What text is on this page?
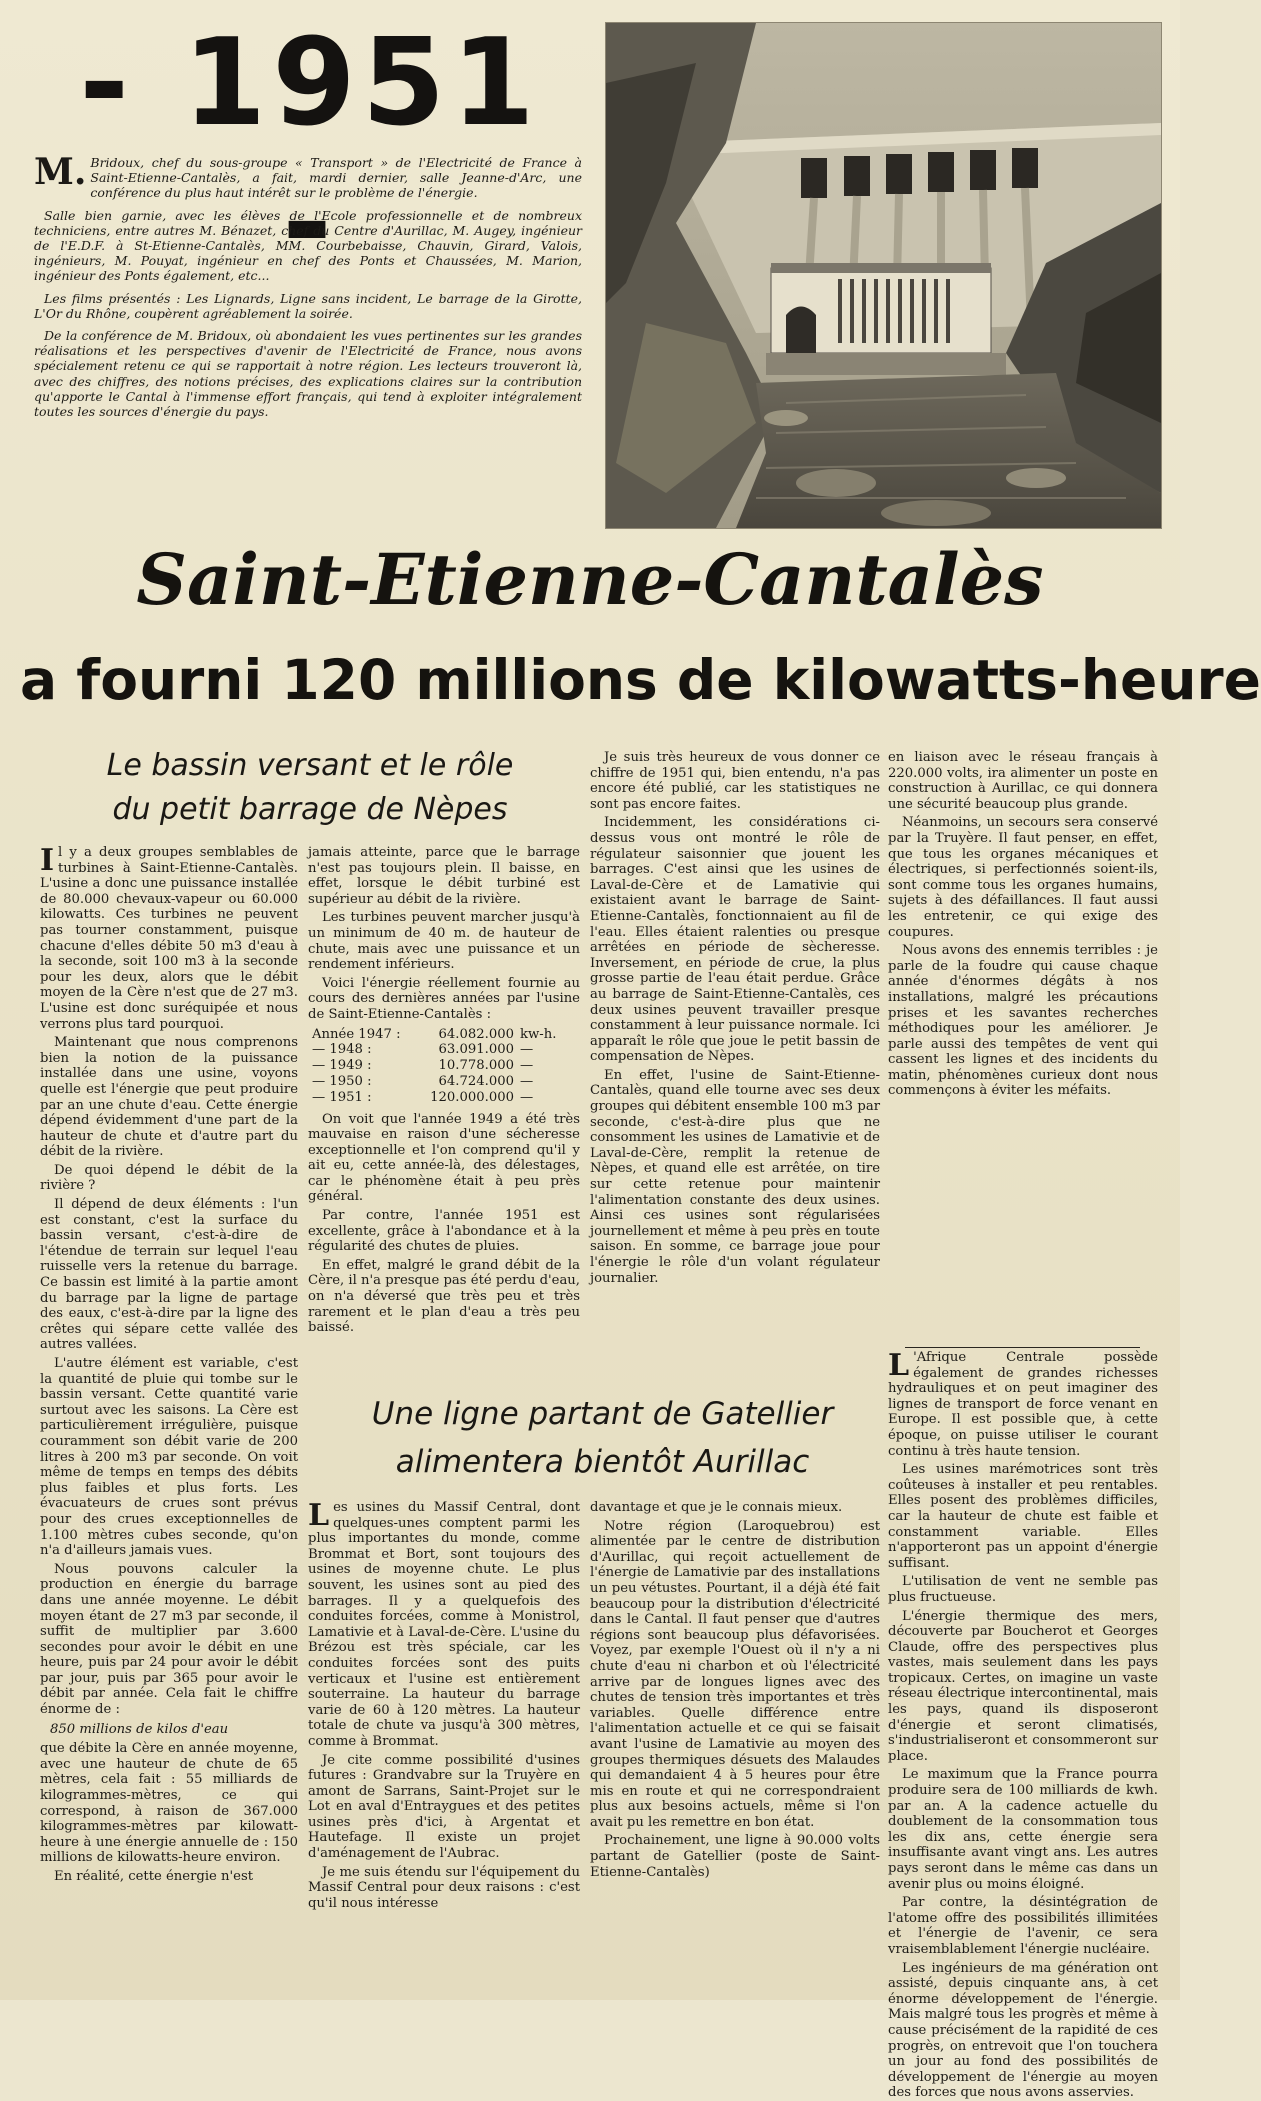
- 1951 -

M. Bridoux, chef du sous-groupe « Transport » de l'Electricité de France à Saint-Etienne-Cantalès, a fait, mardi dernier, salle Jeanne-d'Arc, une conférence du plus haut intérêt sur le problème de l'énergie.

Salle bien garnie, avec les élèves de l'Ecole professionnelle et de nombreux techniciens, entre autres M. Bénazet, chef du Centre d'Aurillac, M. Augey, ingénieur de l'E.D.F. à St-Etienne-Cantalès, MM. Courbebaisse, Chauvin, Girard, Valois, ingénieurs, M. Pouyat, ingénieur en chef des Ponts et Chaussées, M. Marion, ingénieur des Ponts également, etc...

Les films présentés : Les Lignards, Ligne sans incident, Le barrage de la Girotte, L'Or du Rhône, coupèrent agréablement la soirée.

De la conférence de M. Bridoux, où abondaient les vues pertinentes sur les grandes réalisations et les perspectives d'avenir de l'Electricité de France, nous avons spécialement retenu ce qui se rapportait à notre région. Les lecteurs trouveront là, avec des chiffres, des notions précises, des explications claires sur la contribution qu'apporte le Cantal à l'immense effort français, qui tend à exploiter intégralement toutes les sources d'énergie du pays.

Saint-Etienne-Cantalès
a fourni 120 millions de kilowatts-heure
Le bassin versant et le rôle
du petit barrage de Nèpes

Il y a deux groupes semblables de turbines à Saint-Etienne-Cantalès. L'usine a donc une puissance installée de 80.000 chevaux-vapeur ou 60.000 kilowatts. Ces turbines ne peuvent pas tourner constamment, puisque chacune d'elles débite 50 m3 d'eau à la seconde, soit 100 m3 à la seconde pour les deux, alors que le débit moyen de la Cère n'est que de 27 m3. L'usine est donc suréquipée et nous verrons plus tard pourquoi.

Maintenant que nous comprenons bien la notion de la puissance installée dans une usine, voyons quelle est l'énergie que peut produire par an une chute d'eau. Cette énergie dépend évidemment d'une part de la hauteur de chute et d'autre part du débit de la rivière.

De quoi dépend le débit de la rivière ?

Il dépend de deux éléments : l'un est constant, c'est la surface du bassin versant, c'est-à-dire de l'étendue de terrain sur lequel l'eau ruisselle vers la retenue du barrage. Ce bassin est limité à la partie amont du barrage par la ligne de partage des eaux, c'est-à-dire par la ligne des crêtes qui sépare cette vallée des autres vallées.

L'autre élément est variable, c'est la quantité de pluie qui tombe sur le bassin versant. Cette quantité varie surtout avec les saisons. La Cère est particulièrement irrégulière, puisque couramment son débit varie de 200 litres à 200 m3 par seconde. On voit même de temps en temps des débits plus faibles et plus forts. Les évacuateurs de crues sont prévus pour des crues exceptionnelles de 1.100 mètres cubes seconde, qu'on n'a d'ailleurs jamais vues.

Nous pouvons calculer la production en énergie du barrage dans une année moyenne. Le débit moyen étant de 27 m3 par seconde, il suffit de multiplier par 3.600 secondes pour avoir le débit en une heure, puis par 24 pour avoir le débit par jour, puis par 365 pour avoir le débit par année. Cela fait le chiffre énorme de :

850 millions de kilos d'eau

que débite la Cère en année moyenne, avec une hauteur de chute de 65 mètres, cela fait : 55 milliards de kilogrammes-mètres, ce qui correspond, à raison de 367.000 kilogrammes-mètres par kilowatt-heure à une énergie annuelle de : 150 millions de kilowatts-heure environ.

En réalité, cette énergie n'est

jamais atteinte, parce que le barrage n'est pas toujours plein. Il baisse, en effet, lorsque le débit turbiné est supérieur au débit de la rivière.

Les turbines peuvent marcher jusqu'à un minimum de 40 m. de hauteur de chute, mais avec une puissance et un rendement inférieurs.

Voici l'énergie réellement fournie au cours des dernières années par l'usine de Saint-Etienne-Cantalès :

Année 1947 :	64.082.000 kw-h.
— 1948 :	63.091.000 —
— 1949 :	10.778.000 —
— 1950 :	64.724.000 —
— 1951 :	120.000.000 —

On voit que l'année 1949 a été très mauvaise en raison d'une sécheresse exceptionnelle et l'on comprend qu'il y ait eu, cette année-là, des délestages, car le phénomène était à peu près général.

Par contre, l'année 1951 est excellente, grâce à l'abondance et à la régularité des chutes de pluies.

En effet, malgré le grand débit de la Cère, il n'a presque pas été perdu d'eau, on n'a déversé que très peu et très rarement et le plan d'eau a très peu baissé.

Je suis très heureux de vous donner ce chiffre de 1951 qui, bien entendu, n'a pas encore été publié, car les statistiques ne sont pas encore faites.

Incidemment, les considérations ci-dessus vous ont montré le rôle de régulateur saisonnier que jouent les barrages. C'est ainsi que les usines de Laval-de-Cère et de Lamativie qui existaient avant le barrage de Saint-Etienne-Cantalès, fonctionnaient au fil de l'eau. Elles étaient ralenties ou presque arrêtées en période de sècheresse. Inversement, en période de crue, la plus grosse partie de l'eau était perdue. Grâce au barrage de Saint-Etienne-Cantalès, ces deux usines peuvent travailler presque constamment à leur puissance normale. Ici apparaît le rôle que joue le petit bassin de compensation de Nèpes.

En effet, l'usine de Saint-Etienne-Cantalès, quand elle tourne avec ses deux groupes qui débitent ensemble 100 m3 par seconde, c'est-à-dire plus que ne consomment les usines de Lamativie et de Laval-de-Cère, remplit la retenue de Nèpes, et quand elle est arrêtée, on tire sur cette retenue pour maintenir l'alimentation constante des deux usines. Ainsi ces usines sont régularisées journellement et même à peu près en toute saison. En somme, ce barrage joue pour l'énergie le rôle d'un volant régulateur journalier.

en liaison avec le réseau français à 220.000 volts, ira alimenter un poste en construction à Aurillac, ce qui donnera une sécurité beaucoup plus grande.

Néanmoins, un secours sera conservé par la Truyère. Il faut penser, en effet, que tous les organes mécaniques et électriques, si perfectionnés soient-ils, sont comme tous les organes humains, sujets à des défaillances. Il faut aussi les entretenir, ce qui exige des coupures.

Nous avons des ennemis terribles : je parle de la foudre qui cause chaque année d'énormes dégâts à nos installations, malgré les précautions prises et les savantes recherches méthodiques pour les améliorer. Je parle aussi des tempêtes de vent qui cassent les lignes et des incidents du matin, phénomènes curieux dont nous commençons à éviter les méfaits.

L 'Afrique Centrale possède également de grandes richesses hydrauliques et on peut imaginer des lignes de transport de force venant en Europe. Il est possible que, à cette époque, on puisse utiliser le courant continu à très haute tension.

Les usines marémotrices sont très coûteuses à installer et peu rentables. Elles posent des problèmes difficiles, car la hauteur de chute est faible et constamment variable. Elles n'apporteront pas un appoint d'énergie suffisant.

L'utilisation de vent ne semble pas plus fructueuse.

L'énergie thermique des mers, découverte par Boucherot et Georges Claude, offre des perspectives plus vastes, mais seulement dans les pays tropicaux. Certes, on imagine un vaste réseau électrique intercontinental, mais les pays, quand ils disposeront d'énergie et seront climatisés, s'industrialiseront et consommeront sur place.

Le maximum que la France pourra produire sera de 100 milliards de kwh. par an. A la cadence actuelle du doublement de la consommation tous les dix ans, cette énergie sera insuffisante avant vingt ans. Les autres pays seront dans le même cas dans un avenir plus ou moins éloigné.

Par contre, la désintégration de l'atome offre des possibilités illimitées et l'énergie de l'avenir, ce sera vraisemblablement l'énergie nucléaire.

Les ingénieurs de ma génération ont assisté, depuis cinquante ans, à cet énorme développement de l'énergie. Mais malgré tous les progrès et même à cause précisément de la rapidité de ces progrès, on entrevoit que l'on touchera un jour au fond des possibilités de développement de l'énergie au moyen des forces que nous avons asservies.

Une ligne partant de Gatellier
alimentera bientôt Aurillac

Les usines du Massif Central, dont quelques-unes comptent parmi les plus importantes du monde, comme Brommat et Bort, sont toujours des usines de moyenne chute. Le plus souvent, les usines sont au pied des barrages. Il y a quelquefois des conduites forcées, comme à Monistrol, Lamativie et à Laval-de-Cère. L'usine du Brézou est très spéciale, car les conduites forcées sont des puits verticaux et l'usine est entièrement souterraine. La hauteur du barrage varie de 60 à 120 mètres. La hauteur totale de chute va jusqu'à 300 mètres, comme à Brommat.

Je cite comme possibilité d'usines futures : Grandvabre sur la Truyère en amont de Sarrans, Saint-Projet sur le Lot en aval d'Entraygues et des petites usines près d'ici, à Argentat et Hautefage. Il existe un projet d'aménagement de l'Aubrac.

Je me suis étendu sur l'équipement du Massif Central pour deux raisons : c'est qu'il nous intéresse

davantage et que je le connais mieux.

Notre région (Laroquebrou) est alimentée par le centre de distribution d'Aurillac, qui reçoit actuellement de l'énergie de Lamativie par des installations un peu vétustes. Pourtant, il a déjà été fait beaucoup pour la distribution d'électricité dans le Cantal. Il faut penser que d'autres régions sont beaucoup plus défavorisées. Voyez, par exemple l'Ouest où il n'y a ni chute d'eau ni charbon et où l'électricité arrive par de longues lignes avec des chutes de tension très importantes et très variables. Quelle différence entre l'alimentation actuelle et ce qui se faisait avant l'usine de Lamativie au moyen des groupes thermiques désuets des Malaudes qui demandaient 4 à 5 heures pour être mis en route et qui ne correspondraient plus aux besoins actuels, même si l'on avait pu les remettre en bon état.

Prochainement, une ligne à 90.000 volts partant de Gatellier (poste de Saint-Etienne-Cantalès)
